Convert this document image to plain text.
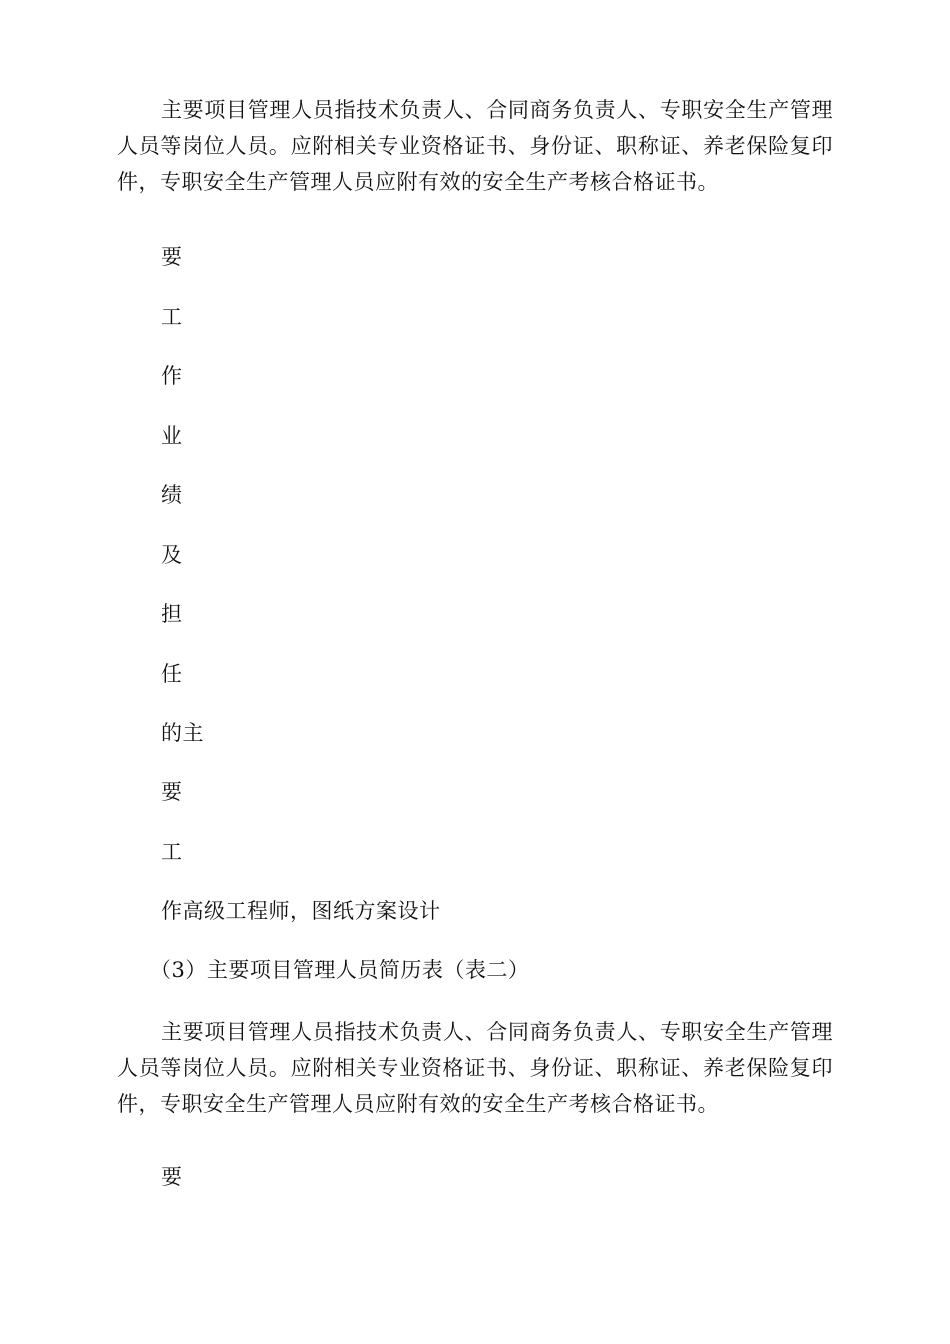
主要项目管理人员指技术负责人、合同商务负责人、专职安全生产管理人员等岗位人员。应附相关专业资格证书、身份证、职称证、养老保险复印件，专职安全生产管理人员应附有效的安全生产考核合格证书。

要

工

作

业

绩

及

担

任

的主

要

工

作高级工程师，图纸方案设计

（3）主要项目管理人员简历表（表二）

主要项目管理人员指技术负责人、合同商务负责人、专职安全生产管理人员等岗位人员。应附相关专业资格证书、身份证、职称证、养老保险复印件，专职安全生产管理人员应附有效的安全生产考核合格证书。

要
